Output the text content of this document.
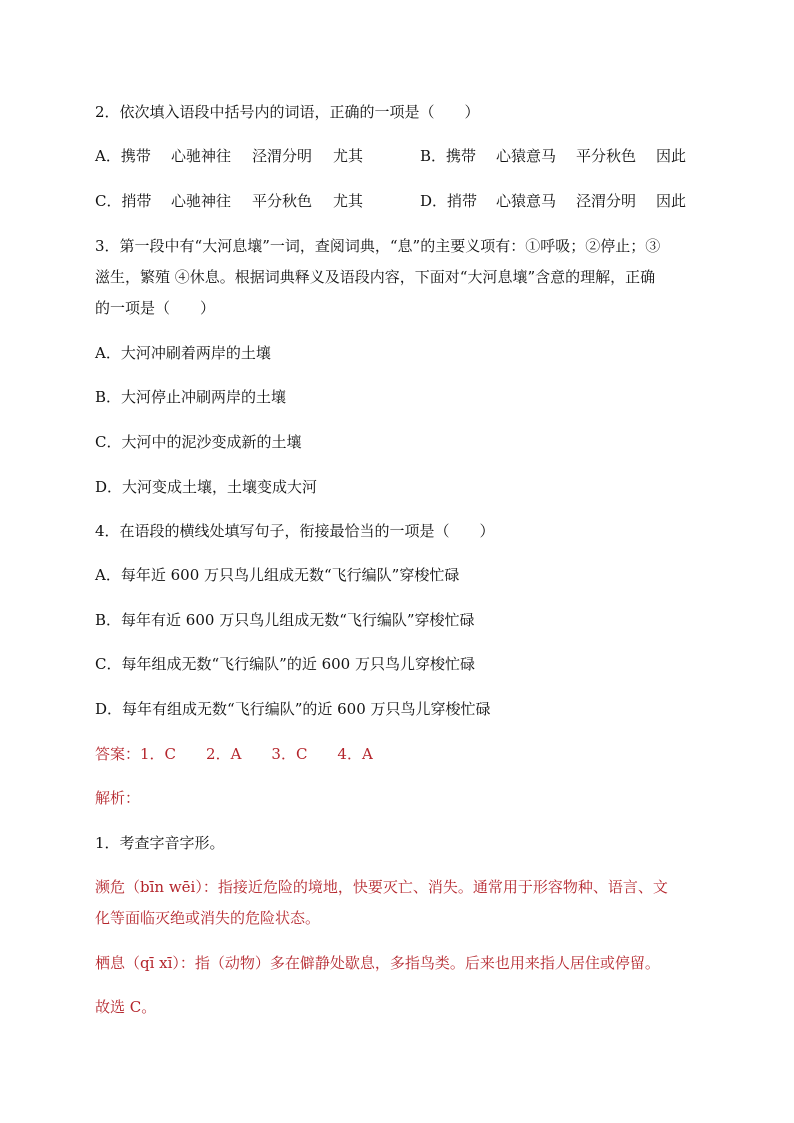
2．依次填入语段中括号内的词语，正确的一项是（　　）
A．携带 心驰神往 泾渭分明 尤其	B．携带 心猿意马 平分秋色 因此
C．捎带 心驰神往 平分秋色 尤其	D．捎带 心猿意马 泾渭分明 因此
3．第一段中有“大河息壤”一词，查阅词典，“息”的主要义项有：①呼吸；②停止；③
滋生，繁殖 ④休息。根据词典释义及语段内容，下面对“大河息壤”含意的理解，正确
的一项是（　　）
A．大河冲刷着两岸的土壤
B．大河停止冲刷两岸的土壤
C．大河中的泥沙变成新的土壤
D．大河变成土壤，土壤变成大河
4．在语段的横线处填写句子，衔接最恰当的一项是（　　）
A．每年近 600 万只鸟儿组成无数“飞行编队”穿梭忙碌
B．每年有近 600 万只鸟儿组成无数“飞行编队”穿梭忙碌
C．每年组成无数“飞行编队”的近 600 万只鸟儿穿梭忙碌
D．每年有组成无数“飞行编队”的近 600 万只鸟儿穿梭忙碌
答案：1．C　　2．A　　3．C　　4．A
解析：
1．考查字音字形。
濒危（bīn wēi）：指接近危险的境地，快要灭亡、消失。通常用于形容物种、语言、文
化等面临灭绝或消失的危险状态。
栖息（qī xī）：指（动物）多在僻静处歇息，多指鸟类。后来也用来指人居住或停留。
故选 C。
